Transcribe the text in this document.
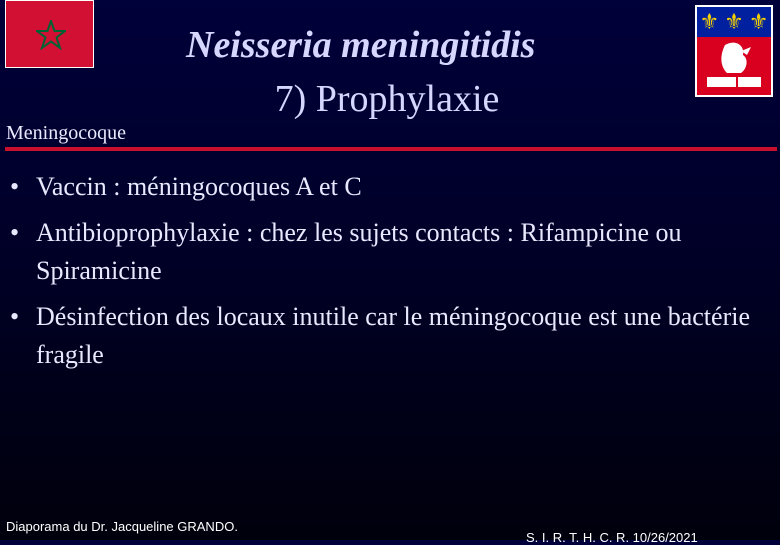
⚜ ⚜ ⚜
Neisseria meningitidis
7) Prophylaxie
Meningocoque
• Vaccin : méningocoques A et C
• Antibioprophylaxie : chez les sujets contacts : Rifampicine ou Spiramicine
• Désinfection des locaux inutile car le méningocoque est une bactérie fragile
Diaporama du Dr. Jacqueline GRANDO.
S. I. R. T. H. C. R. 10/26/2021
